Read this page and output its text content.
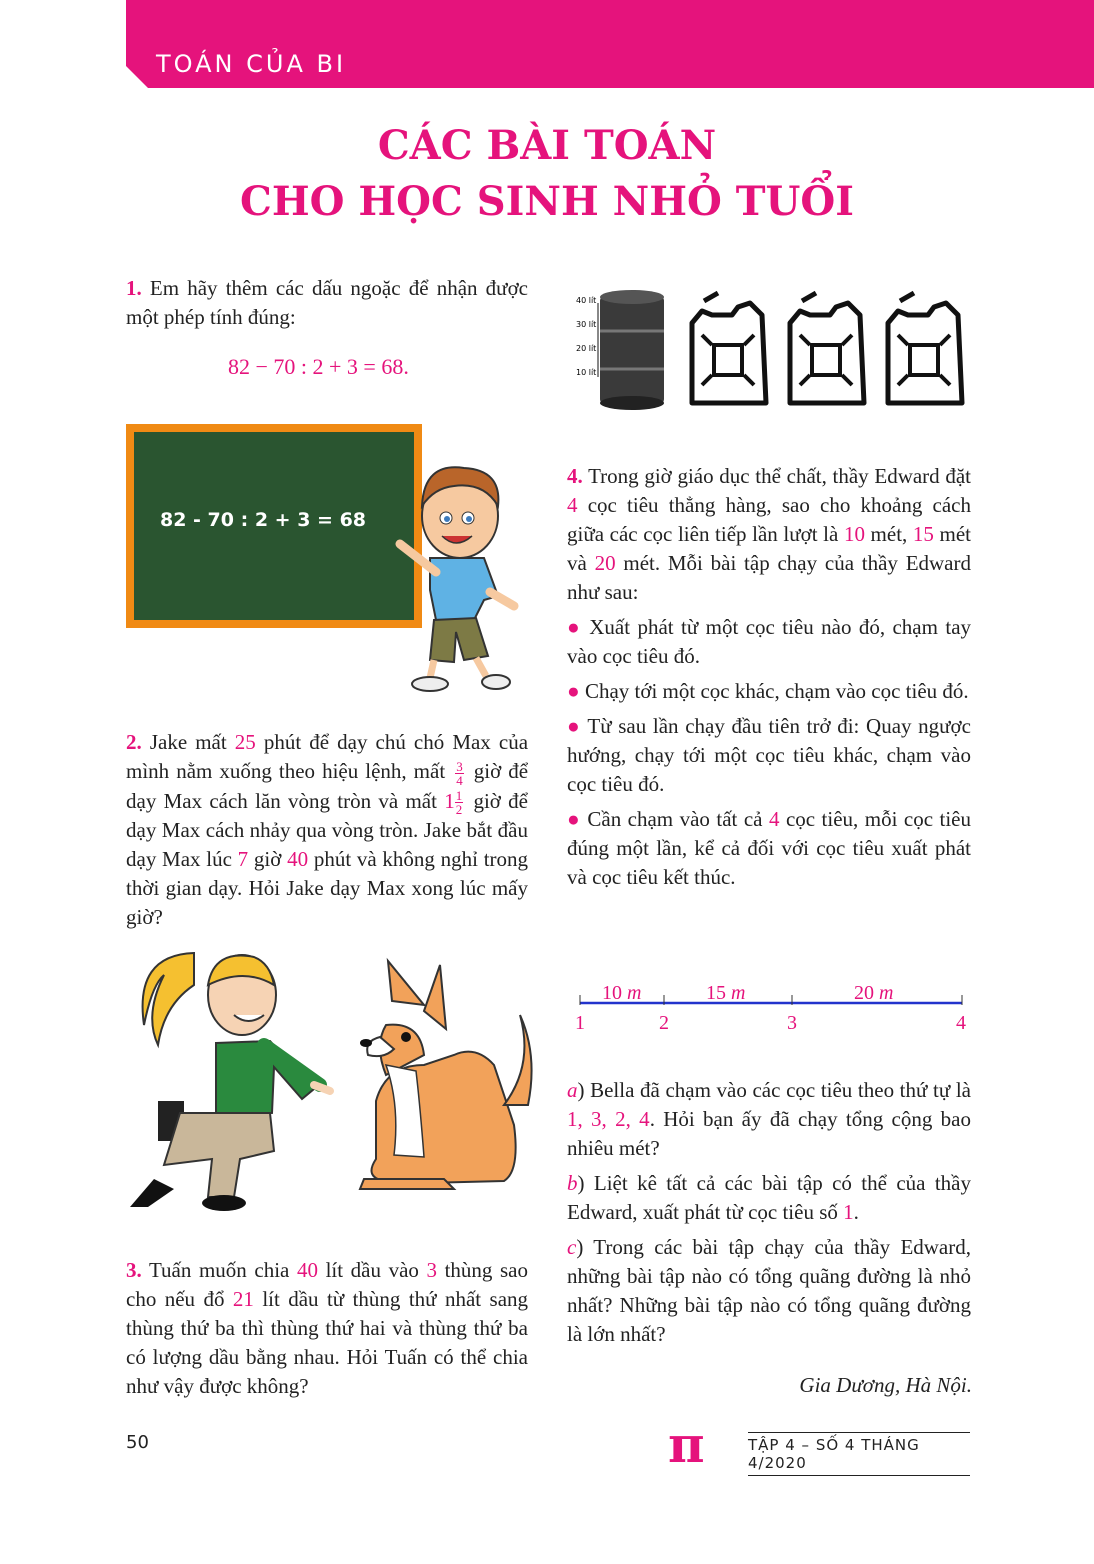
TOÁN CỦA BI
CÁC BÀI TOÁN
CHO HỌC SINH NHỎ TUỔI
1. Em hãy thêm các dấu ngoặc để nhận được một phép tính đúng:
82 − 70 : 2 + 3 = 68.
82 - 70 : 2 + 3 = 68
2. Jake mất 25 phút để dạy chú chó Max của mình nằm xuống theo hiệu lệnh, mất $\frac{3}{4}$ giờ để dạy Max cách lăn vòng tròn và mất $1 \frac{1}{2}$ giờ để dạy Max cách nhảy qua vòng tròn. Jake bắt đầu dạy Max lúc 7 giờ 40 phút và không nghỉ trong thời gian dạy. Hỏi Jake dạy Max xong lúc mấy giờ?
3. Tuấn muốn chia 40 lít dầu vào 3 thùng sao cho nếu đổ 21 lít dầu từ thùng thứ nhất sang thùng thứ ba thì thùng thứ hai và thùng thứ ba có lượng dầu bằng nhau. Hỏi Tuấn có thể chia như vậy được không?
40 lít
30 lít
20 lít
10 lít
4. Trong giờ giáo dục thể chất, thầy Edward đặt 4 cọc tiêu thẳng hàng, sao cho khoảng cách giữa các cọc liên tiếp lần lượt là 10 mét, 15 mét và 20 mét. Mỗi bài tập chạy của thầy Edward như sau:
● Xuất phát từ một cọc tiêu nào đó, chạm tay vào cọc tiêu đó.
● Chạy tới một cọc khác, chạm vào cọc tiêu đó.
● Từ sau lần chạy đầu tiên trở đi: Quay ngược hướng, chạy tới một cọc tiêu khác, chạm vào cọc tiêu đó.
● Cần chạm vào tất cả 4 cọc tiêu, mỗi cọc tiêu đúng một lần, kể cả đối với cọc tiêu xuất phát và cọc tiêu kết thúc.
10 m	15 m	20 m
1	2	3	4
a) Bella đã chạm vào các cọc tiêu theo thứ tự là 1, 3, 2, 4. Hỏi bạn ấy đã chạy tổng cộng bao nhiêu mét?
b) Liệt kê tất cả các bài tập có thể của thầy Edward, xuất phát từ cọc tiêu số 1.
c) Trong các bài tập chạy của thầy Edward, những bài tập nào có tổng quãng đường là nhỏ nhất? Những bài tập nào có tổng quãng đường là lớn nhất?
Gia Dương, Hà Nội.
50	π	TẬP 4 – SỐ 4 THÁNG 4/2020
